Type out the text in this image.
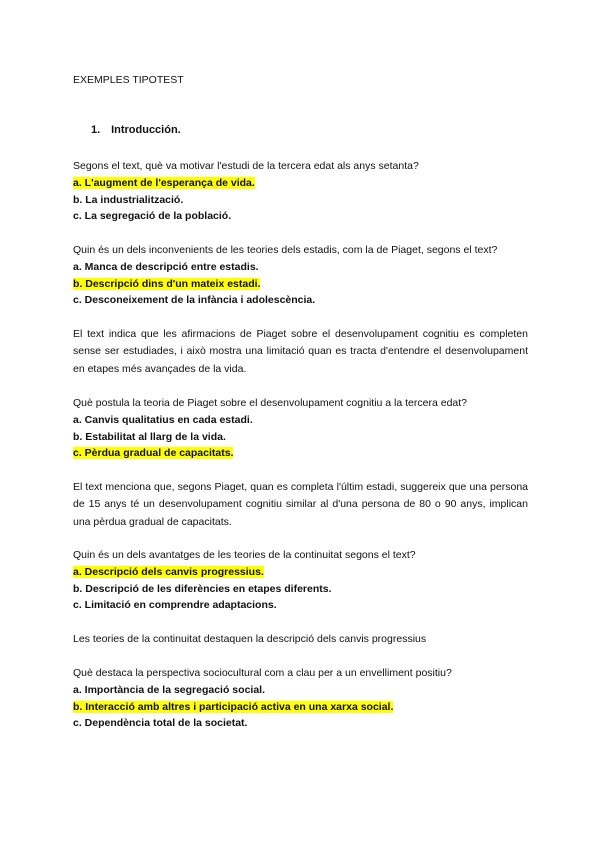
EXEMPLES TIPOTEST

1. Introducción.

Segons el text, què va motivar l'estudi de la tercera edat als anys setanta?

a. L'augment de l'esperança de vida.

b. La industrialització.

c. La segregació de la població.

Quin és un dels inconvenients de les teories dels estadis, com la de Piaget, segons el text?

a. Manca de descripció entre estadis.

b. Descripció dins d'un mateix estadi.

c. Desconeixement de la infància i adolescència.

El text indica que les afirmacions de Piaget sobre el desenvolupament cognitiu es completen sense ser estudiades, i això mostra una limitació quan es tracta d'entendre el desenvolupament en etapes més avançades de la vida.

Què postula la teoria de Piaget sobre el desenvolupament cognitiu a la tercera edat?

a. Canvis qualitatius en cada estadi.

b. Estabilitat al llarg de la vida.

c. Pèrdua gradual de capacitats.

El text menciona que, segons Piaget, quan es completa l'últim estadi, suggereix que una persona de 15 anys té un desenvolupament cognitiu similar al d'una persona de 80 o 90 anys, implican una pèrdua gradual de capacitats.

Quin és un dels avantatges de les teories de la continuitat segons el text?

a. Descripció dels canvis progressius.

b. Descripció de les diferències en etapes diferents.

c. Limitació en comprendre adaptacions.

Les teories de la continuitat destaquen la descripció dels canvis progressius

Què destaca la perspectiva sociocultural com a clau per a un envelliment positiu?

a. Importància de la segregació social.

b. Interacció amb altres i participació activa en una xarxa social.

c. Dependència total de la societat.
